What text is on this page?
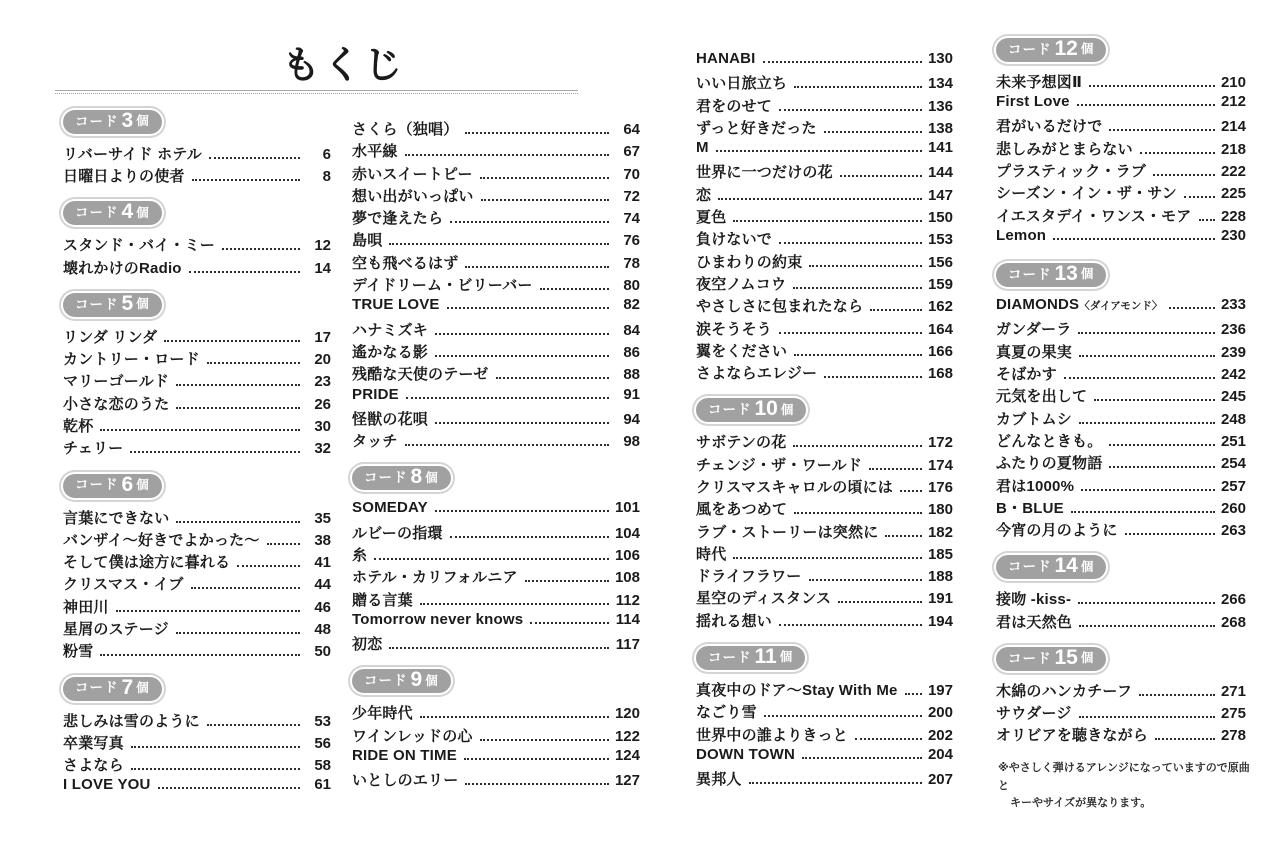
もくじ
コード 3 個
リバーサイド ホテル	6
日曜日よりの使者	8
コード 4 個
スタンド・バイ・ミー	12
壊れかけのRadio	14
コード 5 個
リンダ リンダ	17
カントリー・ロード	20
マリーゴールド	23
小さな恋のうた	26
乾杯	30
チェリー	32
コード 6 個
言葉にできない	35
バンザイ～好きでよかった～	38
そして僕は途方に暮れる	41
クリスマス・イブ	44
神田川	46
星屑のステージ	48
粉雪	50
コード 7 個
悲しみは雪のように	53
卒業写真	56
さよなら	58
I LOVE YOU	61
さくら（独唱）	64
水平線	67
赤いスイートピー	70
想い出がいっぱい	72
夢で逢えたら	74
島唄	76
空も飛べるはず	78
デイドリーム・ビリーバー	80
TRUE LOVE	82
ハナミズキ	84
遙かなる影	86
残酷な天使のテーゼ	88
PRIDE	91
怪獣の花唄	94
タッチ	98
コード 8 個
SOMEDAY	101
ルビーの指環	104
糸	106
ホテル・カリフォルニア	108
贈る言葉	112
Tomorrow never knows	114
初恋	117
コード 9 個
少年時代	120
ワインレッドの心	122
RIDE ON TIME	124
いとしのエリー	127
HANABI	130
いい日旅立ち	134
君をのせて	136
ずっと好きだった	138
M	141
世界に一つだけの花	144
恋	147
夏色	150
負けないで	153
ひまわりの約束	156
夜空ノムコウ	159
やさしさに包まれたなら	162
涙そうそう	164
翼をください	166
さよならエレジー	168
コード 10 個
サボテンの花	172
チェンジ・ザ・ワールド	174
クリスマスキャロルの頃には 176
風をあつめて	180
ラブ・ストーリーは突然に	182
時代	185
ドライフラワー	188
星空のディスタンス	191
揺れる想い	194
コード 11 個
真夜中のドア～Stay With Me 197
なごり雪	200
世界中の誰よりきっと	202
DOWN TOWN	204
異邦人	207
コード 12 個
未来予想図Ⅱ	210
First Love	212
君がいるだけで	214
悲しみがとまらない	218
プラスティック・ラブ	222
シーズン・イン・ザ・サン	225
イエスタデイ・ワンス・モア 228
Lemon	230
コード 13 個
DIAMONDS〈ダイアモンド〉	233
ガンダーラ	236
真夏の果実	239
そばかす	242
元気を出して	245
カブトムシ	248
どんなときも。	251
ふたりの夏物語	254
君は1000%	257
B・BLUE	260
今宵の月のように	263
コード 14 個
接吻 -kiss-	266
君は天然色	268
コード 15 個
木綿のハンカチーフ	271
サウダージ	275
オリビアを聴きながら	278
※やさしく弾けるアレンジになっていますので原曲と
キーやサイズが異なります。
